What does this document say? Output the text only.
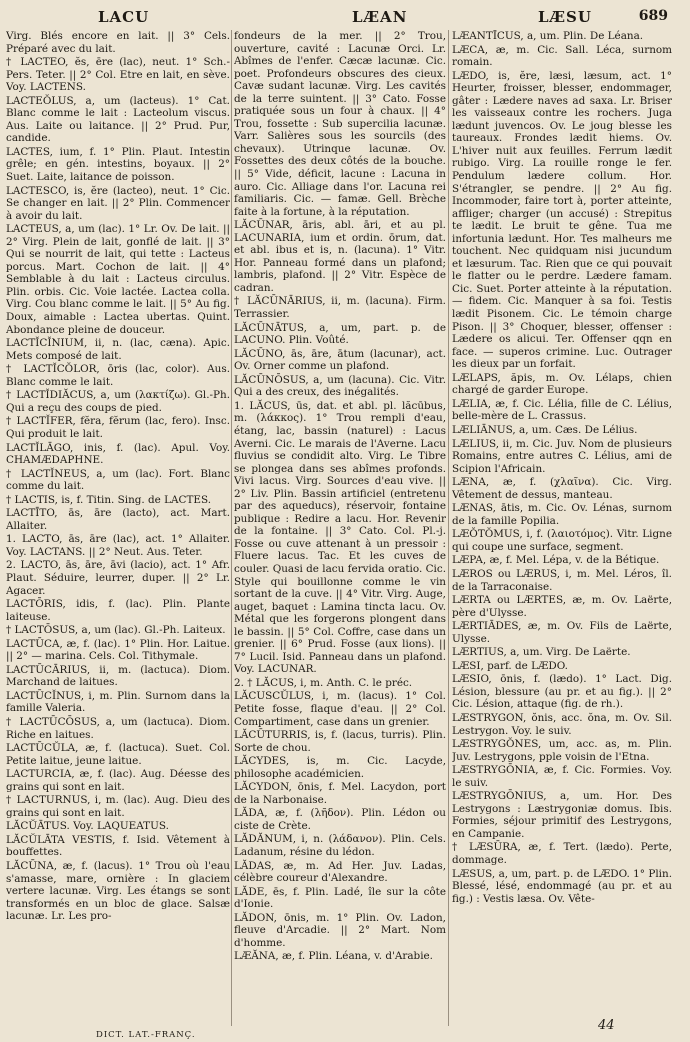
LACU	LÆAN	LÆSU	689

Virg. Blés encore en lait. || 3° Cels. Préparé avec du lait.

† LACTEO, ĕs, ēre (lac), neut. 1° Sch.-Pers. Teter. || 2° Col. Etre en lait, en sève. Voy. LACTENS.

LACTEŎLUS, a, um (lacteus). 1° Cat. Blanc comme le lait : Lacteolum viscus. Aus. Laite ou laitance. || 2° Prud. Pur, candide.

LACTES, ium, f. 1° Plin. Plaut. Intestin grêle; en gén. intestins, boyaux. || 2° Suet. Laite, laitance de poisson.

LACTESCO, is, ĕre (lacteo), neut. 1° Cic. Se changer en lait. || 2° Plin. Commencer à avoir du lait.

LACTEUS, a, um (lac). 1° Lr. Ov. De lait. || 2° Virg. Plein de lait, gonflé de lait. || 3° Qui se nourrit de lait, qui tette : Lacteus porcus. Mart. Cochon de lait. || 4° Semblable à du lait : Lacteus circulus. Plin. orbis. Cic. Voie lactée. Lactea colla. Virg. Cou blanc comme le lait. || 5° Au fig. Doux, aimable : Lactea ubertas. Quint. Abondance pleine de douceur.

LACTĬCĬNIUM, ii, n. (lac, cæna). Apic. Mets composé de lait.

† LACTĬCŎLOR, ōris (lac, color). Aus. Blanc comme le lait.

† LACTĬDIĂCUS, a, um (λακτίζω). Gl.-Ph. Qui a reçu des coups de pied.

† LACTĬFER, fĕra, fĕrum (lac, fero). Insc. Qui produit le lait.

LACTĬLĀGO, inis, f. (lac). Apul. Voy. CHAMÆDAPHNE.

† LACTĬNEUS, a, um (lac). Fort. Blanc comme du lait.

† LACTIS, is, f. Titin. Sing. de LACTES.

LACTĪTO, ās, āre (lacto), act. Mart. Allaiter.

1. LACTO, ās, āre (lac), act. 1° Allaiter. Voy. LACTANS. || 2° Neut. Aus. Teter.

2. LACTO, ās, āre, āvi (lacio), act. 1° Afr. Plaut. Séduire, leurrer, duper. || 2° Lr. Agacer.

LACTŌRIS, idis, f. (lac). Plin. Plante laiteuse.

† LACTŌSUS, a, um (lac). Gl.-Ph. Laiteux.

LACTŪCA, æ, f. (lac). 1° Plin. Hor. Laitue. || 2° — marina. Cels. Col. Tithymale.

LACTŪCĀRIUS, ii, m. (lactuca). Diom. Marchand de laitues.

LACTŪCĬNUS, i, m. Plin. Surnom dans la famille Valeria.

† LACTŪCŌSUS, a, um (lactuca). Diom. Riche en laitues.

LACTŪCŬLA, æ, f. (lactuca). Suet. Col. Petite laitue, jeune laitue.

LACTURCIA, æ, f. (lac). Aug. Déesse des grains qui sont en lait.

† LACTURNUS, i, m. (lac). Aug. Dieu des grains qui sont en lait.

LĂCŬĀTUS. Voy. LAQUEATUS.

LĂCŬLĀTA VESTIS, f. Isid. Vêtement à bouffettes.

LĂCŪNA, æ, f. (lacus). 1° Trou où l'eau s'amasse, mare, ornière : In glaciem vertere lacunæ. Virg. Les étangs se sont transformés en un bloc de glace. Salsæ lacunæ. Lr. Les pro-

fondeurs de la mer. || 2° Trou, ouverture, cavité : Lacunæ Orci. Lr. Abîmes de l'enfer. Cæcæ lacunæ. Cic. poet. Profondeurs obscures des cieux. Cavæ sudant lacunæ. Virg. Les cavités de la terre suintent. || 3° Cato. Fosse pratiquée sous un four à chaux. || 4° Trou, fossette : Sub supercilia lacunæ. Varr. Salières sous les sourcils (des chevaux). Utrinque lacunæ. Ov. Fossettes des deux côtés de la bouche. || 5° Vide, déficit, lacune : Lacuna in auro. Cic. Alliage dans l'or. Lacuna rei familiaris. Cic. — famæ. Gell. Brèche faite à la fortune, à la réputation.

LĂCŪNAR, āris, abl. āri, et au pl. LACUNARIA, ium et ordin. ōrum, dat. et abl. ibus et is, n. (lacuna). 1° Vitr. Hor. Panneau formé dans un plafond; lambris, plafond. || 2° Vitr. Espèce de cadran.

† LĂCŪNĀRIUS, ii, m. (lacuna). Firm. Terrassier.

LĂCŪNĀTUS, a, um, part. p. de LACUNO. Plin. Voûté.

LĂCŪNO, ās, āre, ātum (lacunar), act. Ov. Orner comme un plafond.

LĂCŪNŌSUS, a, um (lacuna). Cic. Vitr. Qui a des creux, des inégalités.

1. LĂCUS, ūs, dat. et abl. pl. lăcūbus, m. (λάκκος). 1° Trou rempli d'eau, étang, lac, bassin (naturel) : Lacus Averni. Cic. Le marais de l'Averne. Lacu fluvius se condidit alto. Virg. Le Tibre se plongea dans ses abîmes profonds. Vivi lacus. Virg. Sources d'eau vive. || 2° Liv. Plin. Bassin artificiel (entretenu par des aqueducs), réservoir, fontaine publique : Redire a lacu. Hor. Revenir de la fontaine. || 3° Cato. Col. Pl.-j. Fosse ou cuve attenant à un pressoir : Fluere lacus. Tac. Et les cuves de couler. Quasi de lacu fervida oratio. Cic. Style qui bouillonne comme le vin sortant de la cuve. || 4° Vitr. Virg. Auge, auget, baquet : Lamina tincta lacu. Ov. Métal que les forgerons plongent dans le bassin. || 5° Col. Coffre, case dans un grenier. || 6° Prud. Fosse (aux lions). || 7° Lucil. Isid. Panneau dans un plafond. Voy. LACUNAR.

2. † LĂCUS, i, m. Anth. C. le préc.

LĂCUSCŬLUS, i, m. (lacus). 1° Col. Petite fosse, flaque d'eau. || 2° Col. Compartiment, case dans un grenier.

LĂCŪTURRIS, is, f. (lacus, turris). Plin. Sorte de chou.

LĂCYDES, is, m. Cic. Lacyde, philosophe académicien.

LĂCYDON, ōnis, f. Mel. Lacydon, port de la Narbonaise.

LĂDA, æ, f. (λῆδον). Plin. Lédon ou ciste de Crète.

LĂDĂNUM, i, n. (λάδανον). Plin. Cels. Ladanum, résine du lédon.

LĂDAS, æ, m. Ad Her. Juv. Ladas, célèbre coureur d'Alexandre.

LĂDE, ēs, f. Plin. Ladé, île sur la côte d'Ionie.

LĂDON, ōnis, m. 1° Plin. Ov. Ladon, fleuve d'Arcadie. || 2° Mart. Nom d'homme.

LÆĂNA, æ, f. Plin. Léana, v. d'Arabie.

LÆANTĪCUS, a, um. Plin. De Léana.

LÆCA, æ, m. Cic. Sall. Léca, surnom romain.

LÆDO, is, ĕre, læsi, læsum, act. 1° Heurter, froisser, blesser, endommager, gâter : Lædere naves ad saxa. Lr. Briser les vaisseaux contre les rochers. Juga lædunt juvencos. Ov. Le joug blesse les taureaux. Frondes lædit hiems. Ov. L'hiver nuit aux feuilles. Ferrum lædit rubigo. Virg. La rouille ronge le fer. Pendulum lædere collum. Hor. S'étrangler, se pendre. || 2° Au fig. Incommoder, faire tort à, porter atteinte, affliger; charger (un accusé) : Strepitus te lædit. Le bruit te gêne. Tua me infortunia lædunt. Hor. Tes malheurs me touchent. Nec quidquam nisi jucundum et læsurum. Tac. Rien que ce qui pouvait le flatter ou le perdre. Lædere famam. Cic. Suet. Porter atteinte à la réputation. — fidem. Cic. Manquer à sa foi. Testis lædit Pisonem. Cic. Le témoin charge Pison. || 3° Choquer, blesser, offenser : Lædere os alicui. Ter. Offenser qqn en face. — superos crimine. Luc. Outrager les dieux par un forfait.

LÆLAPS, ăpis, m. Ov. Lélaps, chien chargé de garder Europe.

LÆLIA, æ, f. Cic. Lélia, fille de C. Lélius, belle-mère de L. Crassus.

LÆLIĀNUS, a, um. Cæs. De Lélius.

LÆLIUS, ii, m. Cic. Juv. Nom de plusieurs Romains, entre autres C. Lélius, ami de Scipion l'Africain.

LÆNA, æ, f. (χλαῖνα). Cic. Virg. Vêtement de dessus, manteau.

LÆNAS, ātis, m. Cic. Ov. Lénas, surnom de la famille Popilia.

LÆŎTŎMUS, i, f. (λαιοτόμος). Vitr. Ligne qui coupe une surface, segment.

LÆPA, æ, f. Mel. Lépa, v. de la Bétique.

LÆROS ou LÆRUS, i, m. Mel. Léros, îl. de la Tarraconaise.

LÆRTA ou LÆRTES, æ, m. Ov. Laërte, père d'Ulysse.

LÆRTIĀDES, æ, m. Ov. Fils de Laërte, Ulysse.

LÆRTIUS, a, um. Virg. De Laërte.

LÆSI, parf. de LÆDO.

LÆSIO, ōnis, f. (lædo). 1° Lact. Dig. Lésion, blessure (au pr. et au fig.). || 2° Cic. Lésion, attaque (fig. de rh.).

LÆSTRYGON, ŏnis, acc. ŏna, m. Ov. Sil. Lestrygon. Voy. le suiv.

LÆSTRYGŎNES, um, acc. as, m. Plin. Juv. Lestrygons, pple voisin de l'Etna.

LÆSTRYGŌNIA, æ, f. Cic. Formies. Voy. le suiv.

LÆSTRYGŌNIUS, a, um. Hor. Des Lestrygons : Læstrygoniæ domus. Ibis. Formies, séjour primitif des Lestrygons, en Campanie.

† LÆSŪRA, æ, f. Tert. (lædo). Perte, dommage.

LÆSUS, a, um, part. p. de LÆDO. 1° Plin. Blessé, lésé, endommagé (au pr. et au fig.) : Vestis læsa. Ov. Vête-

DICT. LAT.-FRANÇ.
44
